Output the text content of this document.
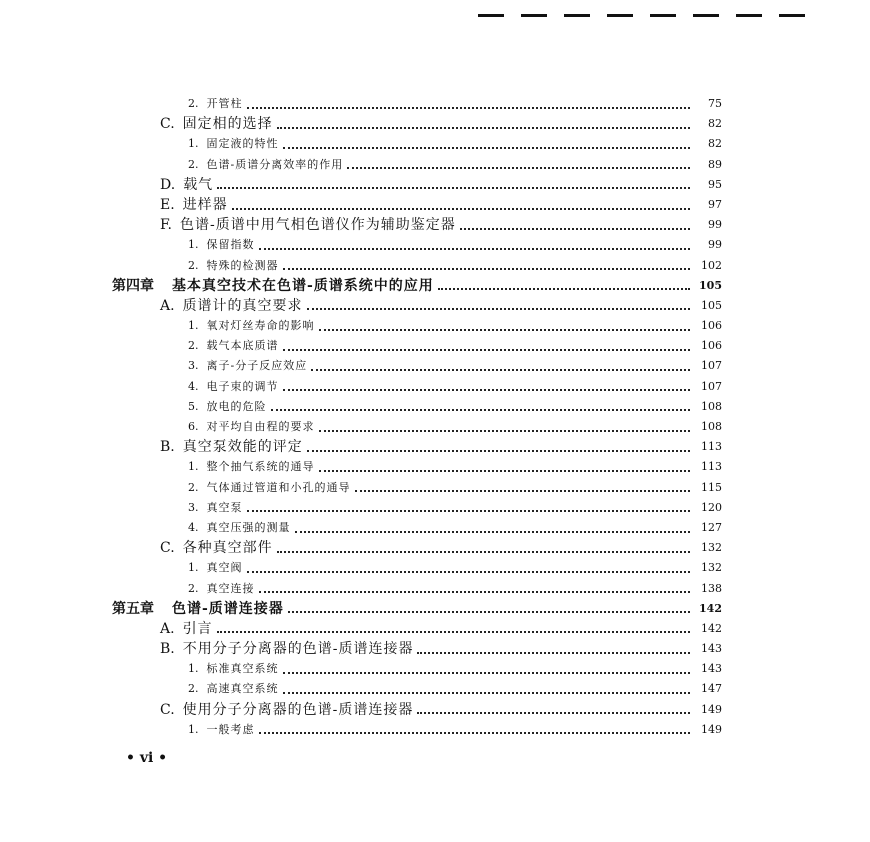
2. 开管柱	75
C. 固定相的选择	82
1. 固定液的特性	82
2. 色谱-质谱分离效率的作用	89
D. 载气	95
E. 进样器	97
F. 色谱-质谱中用气相色谱仪作为辅助鉴定器	99
1. 保留指数	99
2. 特殊的检测器	102
第四章 基本真空技术在色谱-质谱系统中的应用	105
A. 质谱计的真空要求	105
1. 氧对灯丝寿命的影响	106
2. 载气本底质谱	106
3. 离子-分子反应效应	107
4. 电子束的调节	107
5. 放电的危险	108
6. 对平均自由程的要求	108
B. 真空泵效能的评定	113
1. 整个抽气系统的通导	113
2. 气体通过管道和小孔的通导	115
3. 真空泵	120
4. 真空压强的测量	127
C. 各种真空部件	132
1. 真空阀	132
2. 真空连接	138
第五章 色谱-质谱连接器	142
A. 引言	142
B. 不用分子分离器的色谱-质谱连接器	143
1. 标准真空系统	143
2. 高速真空系统	147
C. 使用分子分离器的色谱-质谱连接器	149
1. 一般考虑	149
• vi •
